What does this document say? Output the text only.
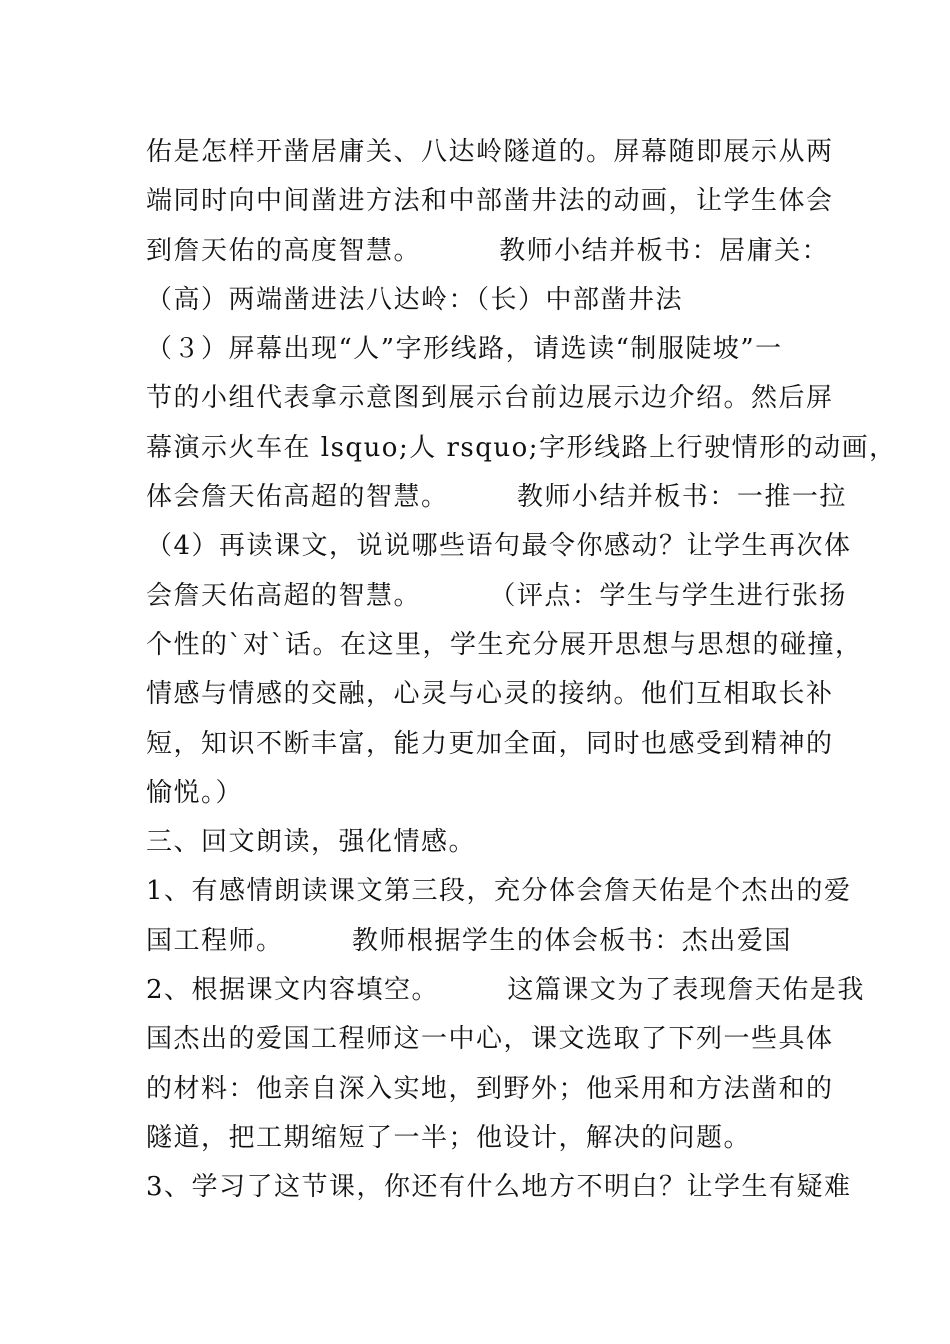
佑是怎样开凿居庸关、八达岭隧道的。屏幕随即展示从两
端同时向中间凿进方法和中部凿井法的动画，让学生体会
到詹天佑的高度智慧。        教师小结并板书：居庸关：
（高）两端凿进法八达岭：（长）中部凿井法
（３）屏幕出现“人”字形线路，请选读“制服陡坡”一
节的小组代表拿示意图到展示台前边展示边介绍。然后屏
幕演示火车在 lsquo;人 rsquo;字形线路上行驶情形的动画，
体会詹天佑高超的智慧。       教师小结并板书：一推一拉
（4）再读课文，说说哪些语句最令你感动？让学生再次体
会詹天佑高超的智慧。       （评点：学生与学生进行张扬
个性的`对`话。在这里，学生充分展开思想与思想的碰撞，
情感与情感的交融，心灵与心灵的接纳。他们互相取长补
短，知识不断丰富，能力更加全面，同时也感受到精神的
愉悦。）
三、回文朗读，强化情感。
1、有感情朗读课文第三段，充分体会詹天佑是个杰出的爱
国工程师。       教师根据学生的体会板书：杰出爱国
2、根据课文内容填空。       这篇课文为了表现詹天佑是我
国杰出的爱国工程师这一中心，课文选取了下列一些具体
的材料：他亲自深入实地，到野外；他采用和方法凿和的
隧道，把工期缩短了一半；他设计，解决的问题。
3、学习了这节课，你还有什么地方不明白？让学生有疑难
